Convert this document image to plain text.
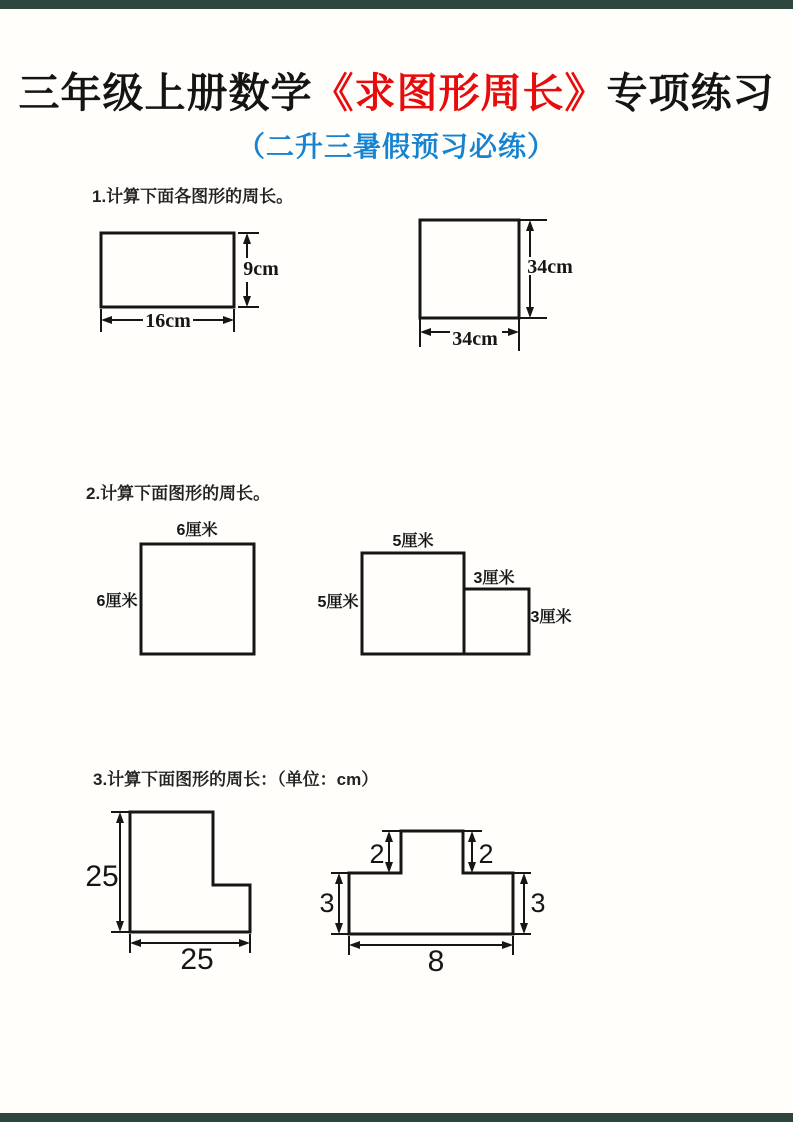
三年级上册数学《求图形周长》专项练习
（二升三暑假预习必练）
1.计算下面各图形的周长。
9cm
16cm
34cm
34cm
2.计算下面图形的周长。
6厘米
6厘米
5厘米
5厘米
3厘米
3厘米
3.计算下面图形的周长：（单位：cm）
25
25
3	3
2	2
8
